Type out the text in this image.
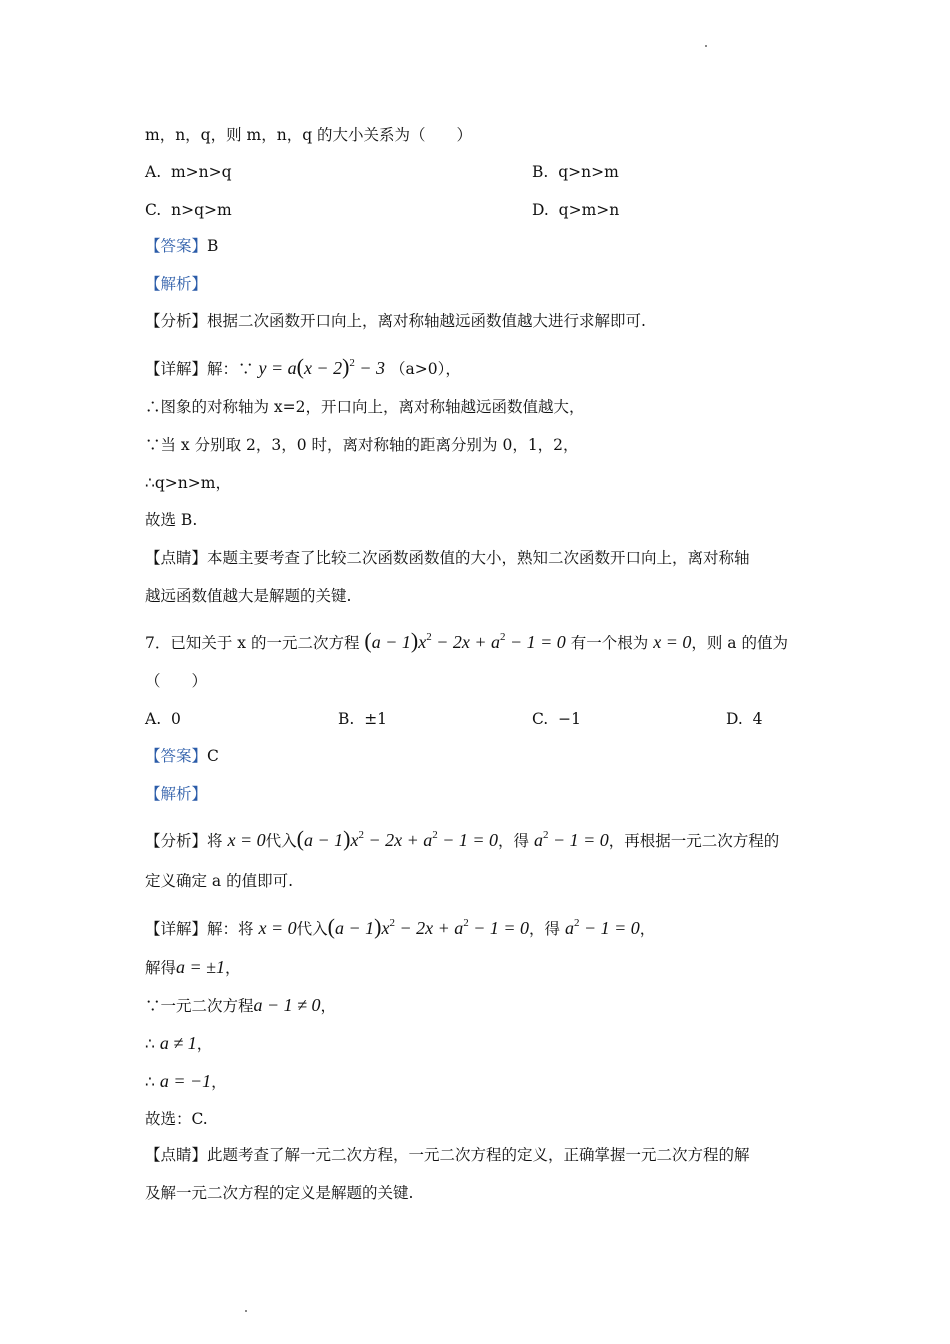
m，n，q，则 m，n，q 的大小关系为（　　）
A. m>n>q	B. q>n>m
C. n>q>m	D. q>m>n
【答案】B
【解析】
【分析】根据二次函数开口向上，离对称轴越远函数值越大进行求解即可.
【详解】解：∵ $y = a(x - 2)^2 - 3$ （a>0），
∴图象的对称轴为 x=2，开口向上，离对称轴越远函数值越大，
∵当 x 分别取 2，3，0 时，离对称轴的距离分别为 0，1，2，
∴q>n>m，
故选 B.
【点睛】本题主要考查了比较二次函数函数值的大小，熟知二次函数开口向上，离对称轴
越远函数值越大是解题的关键.
7．已知关于 x 的一元二次方程 $(a - 1)x^2 - 2x + a^2 - 1 = 0$ 有一个根为 x = 0，则 a 的值为
（　　）
A. 0	B. ±1	C. −1	D. 4
【答案】C
【解析】
【分析】将 x = 0代入$(a - 1)x^2 - 2x + a^2 - 1 = 0$，得 $a^2 - 1 = 0$，再根据一元二次方程的
定义确定 a 的值即可.
【详解】解：将 x = 0代入$(a - 1)x^2 - 2x + a^2 - 1 = 0$，得 $a^2 - 1 = 0$，
解得a = ±1，
∵一元二次方程a − 1 ≠ 0，
∴ a ≠ 1，
∴ a = −1，
故选：C.
【点睛】此题考查了解一元二次方程，一元二次方程的定义，正确掌握一元二次方程的解
及解一元二次方程的定义是解题的关键.
